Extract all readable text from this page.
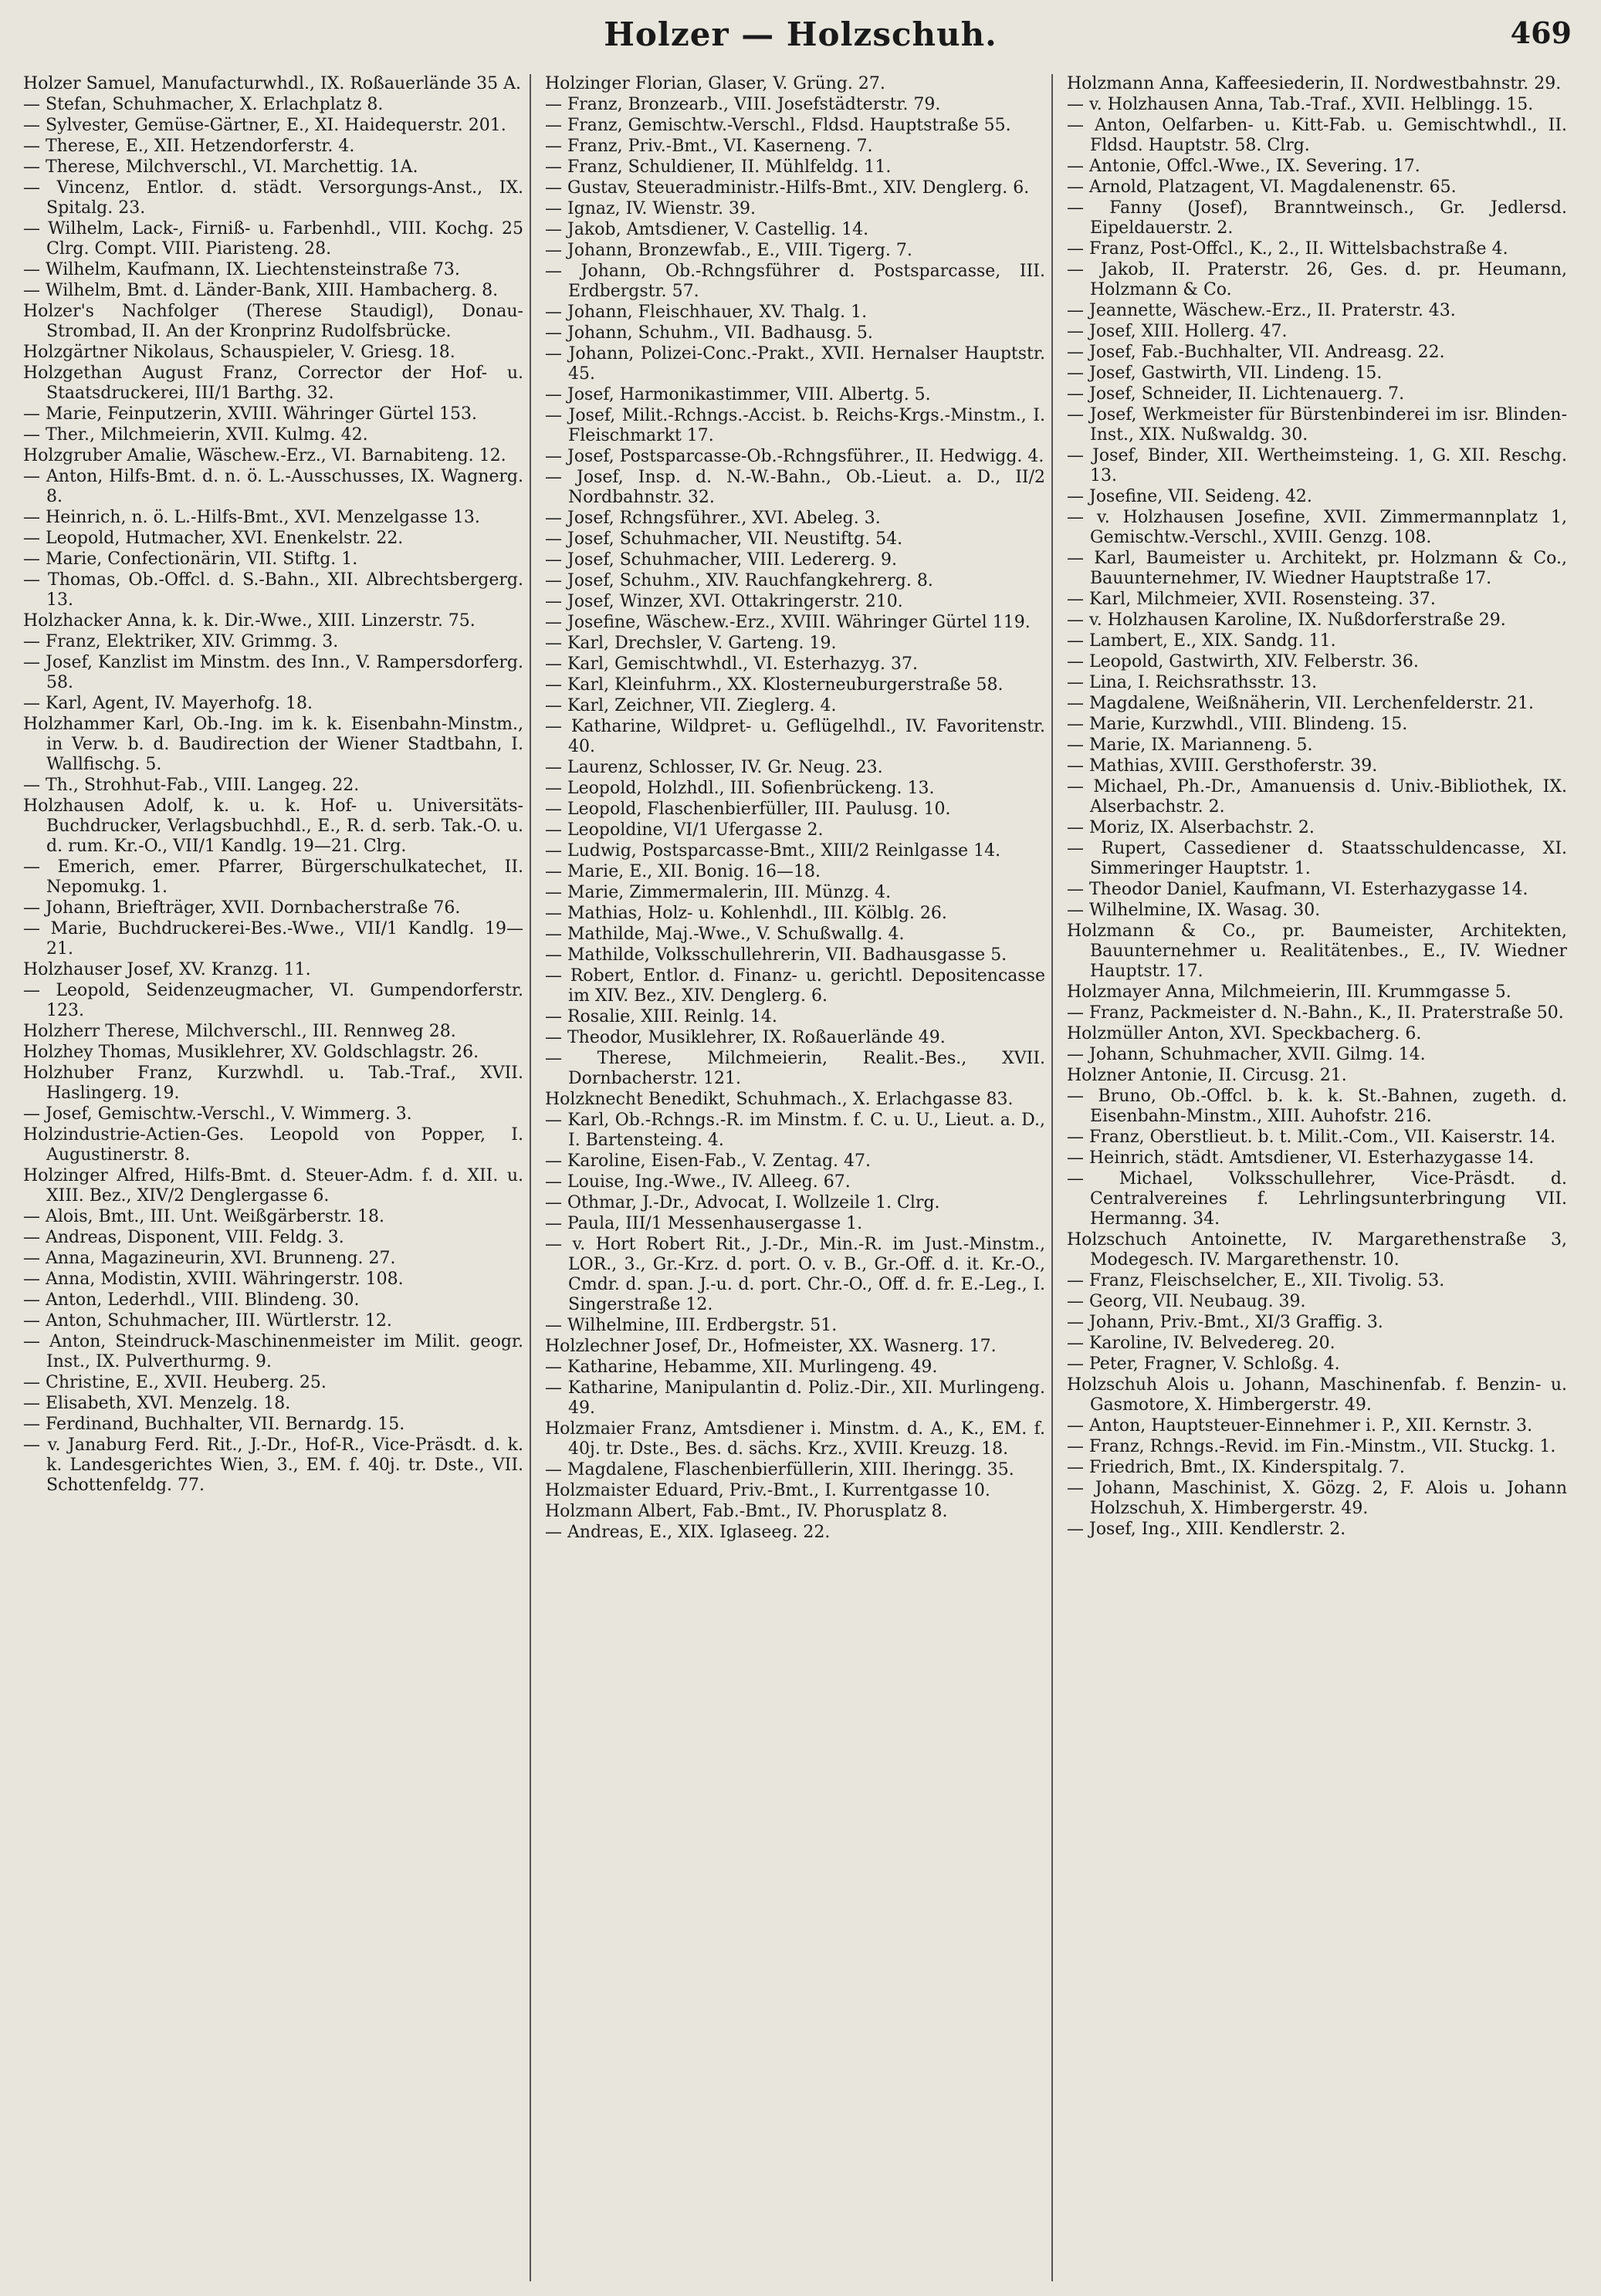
Holzer — Holzschuh.	469
Holzer Samuel, Manufacturwhdl., IX. Roßauerlände 35 A.
— Stefan, Schuhmacher, X. Erlachplatz 8.
— Sylvester, Gemüse-Gärtner, E., XI. Haidequerstr. 201.
— Therese, E., XII. Hetzendorferstr. 4.
— Therese, Milchverschl., VI. Marchettig. 1A.
— Vincenz, Entlor. d. städt. Versorgungs-Anst., IX. Spitalg. 23.
— Wilhelm, Lack-, Firniß- u. Farbenhdl., VIII. Kochg. 25 Clrg. Compt. VIII. Piaristeng. 28.
— Wilhelm, Kaufmann, IX. Liechtensteinstraße 73.
— Wilhelm, Bmt. d. Länder-Bank, XIII. Hambacherg. 8.
Holzer's Nachfolger (Therese Staudigl), Donau-Strombad, II. An der Kronprinz Rudolfsbrücke.
Holzgärtner Nikolaus, Schauspieler, V. Griesg. 18.
Holzgethan August Franz, Corrector der Hof- u. Staatsdruckerei, III/1 Barthg. 32.
— Marie, Feinputzerin, XVIII. Währinger Gürtel 153.
— Ther., Milchmeierin, XVII. Kulmg. 42.
Holzgruber Amalie, Wäschew.-Erz., VI. Barnabiteng. 12.
— Anton, Hilfs-Bmt. d. n. ö. L.-Ausschusses, IX. Wagnerg. 8.
— Heinrich, n. ö. L.-Hilfs-Bmt., XVI. Menzelgasse 13.
— Leopold, Hutmacher, XVI. Enenkelstr. 22.
— Marie, Confectionärin, VII. Stiftg. 1.
— Thomas, Ob.-Offcl. d. S.-Bahn., XII. Albrechtsbergerg. 13.
Holzhacker Anna, k. k. Dir.-Wwe., XIII. Linzerstr. 75.
— Franz, Elektriker, XIV. Grimmg. 3.
— Josef, Kanzlist im Minstm. des Inn., V. Rampersdorferg. 58.
— Karl, Agent, IV. Mayerhofg. 18.
Holzhammer Karl, Ob.-Ing. im k. k. Eisenbahn-Minstm., in Verw. b. d. Baudirection der Wiener Stadtbahn, I. Wallfischg. 5.
— Th., Strohhut-Fab., VIII. Langeg. 22.
Holzhausen Adolf, k. u. k. Hof- u. Universitäts-Buchdrucker, Verlagsbuchhdl., E., R. d. serb. Tak.-O. u. d. rum. Kr.-O., VII/1 Kandlg. 19—21. Clrg.
— Emerich, emer. Pfarrer, Bürgerschulkatechet, II. Nepomukg. 1.
— Johann, Briefträger, XVII. Dornbacherstraße 76.
— Marie, Buchdruckerei-Bes.-Wwe., VII/1 Kandlg. 19—21.
Holzhauser Josef, XV. Kranzg. 11.
— Leopold, Seidenzeugmacher, VI. Gumpendorferstr. 123.
Holzherr Therese, Milchverschl., III. Rennweg 28.
Holzhey Thomas, Musiklehrer, XV. Goldschlagstr. 26.
Holzhuber Franz, Kurzwhdl. u. Tab.-Traf., XVII. Haslingerg. 19.
— Josef, Gemischtw.-Verschl., V. Wimmerg. 3.
Holzindustrie-Actien-Ges. Leopold von Popper, I. Augustinerstr. 8.
Holzinger Alfred, Hilfs-Bmt. d. Steuer-Adm. f. d. XII. u. XIII. Bez., XIV/2 Denglergasse 6.
— Alois, Bmt., III. Unt. Weißgärberstr. 18.
— Andreas, Disponent, VIII. Feldg. 3.
— Anna, Magazineurin, XVI. Brunneng. 27.
— Anna, Modistin, XVIII. Währingerstr. 108.
— Anton, Lederhdl., VIII. Blindeng. 30.
— Anton, Schuhmacher, III. Würtlerstr. 12.
— Anton, Steindruck-Maschinenmeister im Milit. geogr. Inst., IX. Pulverthurmg. 9.
— Christine, E., XVII. Heuberg. 25.
— Elisabeth, XVI. Menzelg. 18.
— Ferdinand, Buchhalter, VII. Bernardg. 15.
— v. Janaburg Ferd. Rit., J.-Dr., Hof-R., Vice-Präsdt. d. k. k. Landesgerichtes Wien, 3., EM. f. 40j. tr. Dste., VII. Schottenfeldg. 77.
Holzinger Florian, Glaser, V. Grüng. 27.
— Franz, Bronzearb., VIII. Josefstädterstr. 79.
— Franz, Gemischtw.-Verschl., Fldsd. Hauptstraße 55.
— Franz, Priv.-Bmt., VI. Kaserneng. 7.
— Franz, Schuldiener, II. Mühlfeldg. 11.
— Gustav, Steueradministr.-Hilfs-Bmt., XIV. Denglerg. 6.
— Ignaz, IV. Wienstr. 39.
— Jakob, Amtsdiener, V. Castellig. 14.
— Johann, Bronzewfab., E., VIII. Tigerg. 7.
— Johann, Ob.-Rchngsführer d. Postsparcasse, III. Erdbergstr. 57.
— Johann, Fleischhauer, XV. Thalg. 1.
— Johann, Schuhm., VII. Badhausg. 5.
— Johann, Polizei-Conc.-Prakt., XVII. Hernalser Hauptstr. 45.
— Josef, Harmonikastimmer, VIII. Albertg. 5.
— Josef, Milit.-Rchngs.-Accist. b. Reichs-Krgs.-Minstm., I. Fleischmarkt 17.
— Josef, Postsparcasse-Ob.-Rchngsführer., II. Hedwigg. 4.
— Josef, Insp. d. N.-W.-Bahn., Ob.-Lieut. a. D., II/2 Nordbahnstr. 32.
— Josef, Rchngsführer., XVI. Abeleg. 3.
— Josef, Schuhmacher, VII. Neustiftg. 54.
— Josef, Schuhmacher, VIII. Ledererg. 9.
— Josef, Schuhm., XIV. Rauchfangkehrerg. 8.
— Josef, Winzer, XVI. Ottakringerstr. 210.
— Josefine, Wäschew.-Erz., XVIII. Währinger Gürtel 119.
— Karl, Drechsler, V. Garteng. 19.
— Karl, Gemischtwhdl., VI. Esterhazyg. 37.
— Karl, Kleinfuhrm., XX. Klosterneuburgerstraße 58.
— Karl, Zeichner, VII. Zieglerg. 4.
— Katharine, Wildpret- u. Geflügelhdl., IV. Favoritenstr. 40.
— Laurenz, Schlosser, IV. Gr. Neug. 23.
— Leopold, Holzhdl., III. Sofienbrückeng. 13.
— Leopold, Flaschenbierfüller, III. Paulusg. 10.
— Leopoldine, VI/1 Ufergasse 2.
— Ludwig, Postsparcasse-Bmt., XIII/2 Reinlgasse 14.
— Marie, E., XII. Bonig. 16—18.
— Marie, Zimmermalerin, III. Münzg. 4.
— Mathias, Holz- u. Kohlenhdl., III. Kölblg. 26.
— Mathilde, Maj.-Wwe., V. Schußwallg. 4.
— Mathilde, Volksschullehrerin, VII. Badhausgasse 5.
— Robert, Entlor. d. Finanz- u. gerichtl. Depositencasse im XIV. Bez., XIV. Denglerg. 6.
— Rosalie, XIII. Reinlg. 14.
— Theodor, Musiklehrer, IX. Roßauerlände 49.
— Therese, Milchmeierin, Realit.-Bes., XVII. Dornbacherstr. 121.
Holzknecht Benedikt, Schuhmach., X. Erlachgasse 83.
— Karl, Ob.-Rchngs.-R. im Minstm. f. C. u. U., Lieut. a. D., I. Bartensteing. 4.
— Karoline, Eisen-Fab., V. Zentag. 47.
— Louise, Ing.-Wwe., IV. Alleeg. 67.
— Othmar, J.-Dr., Advocat, I. Wollzeile 1. Clrg.
— Paula, III/1 Messenhausergasse 1.
— v. Hort Robert Rit., J.-Dr., Min.-R. im Just.-Minstm., LOR., 3., Gr.-Krz. d. port. O. v. B., Gr.-Off. d. it. Kr.-O., Cmdr. d. span. J.-u. d. port. Chr.-O., Off. d. fr. E.-Leg., I. Singerstraße 12.
— Wilhelmine, III. Erdbergstr. 51.
Holzlechner Josef, Dr., Hofmeister, XX. Wasnerg. 17.
— Katharine, Hebamme, XII. Murlingeng. 49.
— Katharine, Manipulantin d. Poliz.-Dir., XII. Murlingeng. 49.
Holzmaier Franz, Amtsdiener i. Minstm. d. A., K., EM. f. 40j. tr. Dste., Bes. d. sächs. Krz., XVIII. Kreuzg. 18.
— Magdalene, Flaschenbierfüllerin, XIII. Iheringg. 35.
Holzmaister Eduard, Priv.-Bmt., I. Kurrentgasse 10.
Holzmann Albert, Fab.-Bmt., IV. Phorusplatz 8.
— Andreas, E., XIX. Iglaseeg. 22.
Holzmann Anna, Kaffeesiederin, II. Nordwestbahnstr. 29.
— v. Holzhausen Anna, Tab.-Traf., XVII. Helblingg. 15.
— Anton, Oelfarben- u. Kitt-Fab. u. Gemischtwhdl., II. Fldsd. Hauptstr. 58. Clrg.
— Antonie, Offcl.-Wwe., IX. Severing. 17.
— Arnold, Platzagent, VI. Magdalenenstr. 65.
— Fanny (Josef), Branntweinsch., Gr. Jedlersd. Eipeldauerstr. 2.
— Franz, Post-Offcl., K., 2., II. Wittelsbachstraße 4.
— Jakob, II. Praterstr. 26, Ges. d. pr. Heumann, Holzmann & Co.
— Jeannette, Wäschew.-Erz., II. Praterstr. 43.
— Josef, XIII. Hollerg. 47.
— Josef, Fab.-Buchhalter, VII. Andreasg. 22.
— Josef, Gastwirth, VII. Lindeng. 15.
— Josef, Schneider, II. Lichtenauerg. 7.
— Josef, Werkmeister für Bürstenbinderei im isr. Blinden-Inst., XIX. Nußwaldg. 30.
— Josef, Binder, XII. Wertheimsteing. 1, G. XII. Reschg. 13.
— Josefine, VII. Seideng. 42.
— v. Holzhausen Josefine, XVII. Zimmermannplatz 1, Gemischtw.-Verschl., XVIII. Genzg. 108.
— Karl, Baumeister u. Architekt, pr. Holzmann & Co., Bauunternehmer, IV. Wiedner Hauptstraße 17.
— Karl, Milchmeier, XVII. Rosensteing. 37.
— v. Holzhausen Karoline, IX. Nußdorferstraße 29.
— Lambert, E., XIX. Sandg. 11.
— Leopold, Gastwirth, XIV. Felberstr. 36.
— Lina, I. Reichsrathsstr. 13.
— Magdalene, Weißnäherin, VII. Lerchenfelderstr. 21.
— Marie, Kurzwhdl., VIII. Blindeng. 15.
— Marie, IX. Marianneng. 5.
— Mathias, XVIII. Gersthoferstr. 39.
— Michael, Ph.-Dr., Amanuensis d. Univ.-Bibliothek, IX. Alserbachstr. 2.
— Moriz, IX. Alserbachstr. 2.
— Rupert, Cassediener d. Staatsschuldencasse, XI. Simmeringer Hauptstr. 1.
— Theodor Daniel, Kaufmann, VI. Esterhazygasse 14.
— Wilhelmine, IX. Wasag. 30.
Holzmann & Co., pr. Baumeister, Architekten, Bauunternehmer u. Realitätenbes., E., IV. Wiedner Hauptstr. 17.
Holzmayer Anna, Milchmeierin, III. Krummgasse 5.
— Franz, Packmeister d. N.-Bahn., K., II. Praterstraße 50.
Holzmüller Anton, XVI. Speckbacherg. 6.
— Johann, Schuhmacher, XVII. Gilmg. 14.
Holzner Antonie, II. Circusg. 21.
— Bruno, Ob.-Offcl. b. k. k. St.-Bahnen, zugeth. d. Eisenbahn-Minstm., XIII. Auhofstr. 216.
— Franz, Oberstlieut. b. t. Milit.-Com., VII. Kaiserstr. 14.
— Heinrich, städt. Amtsdiener, VI. Esterhazygasse 14.
— Michael, Volksschullehrer, Vice-Präsdt. d. Centralvereines f. Lehrlingsunterbringung VII. Hermanng. 34.
Holzschuch Antoinette, IV. Margarethenstraße 3, Modegesch. IV. Margarethenstr. 10.
— Franz, Fleischselcher, E., XII. Tivolig. 53.
— Georg, VII. Neubaug. 39.
— Johann, Priv.-Bmt., XI/3 Graffig. 3.
— Karoline, IV. Belvedereg. 20.
— Peter, Fragner, V. Schloßg. 4.
Holzschuh Alois u. Johann, Maschinenfab. f. Benzin- u. Gasmotore, X. Himbergerstr. 49.
— Anton, Hauptsteuer-Einnehmer i. P., XII. Kernstr. 3.
— Franz, Rchngs.-Revid. im Fin.-Minstm., VII. Stuckg. 1.
— Friedrich, Bmt., IX. Kinderspitalg. 7.
— Johann, Maschinist, X. Gözg. 2, F. Alois u. Johann Holzschuh, X. Himbergerstr. 49.
— Josef, Ing., XIII. Kendlerstr. 2.
